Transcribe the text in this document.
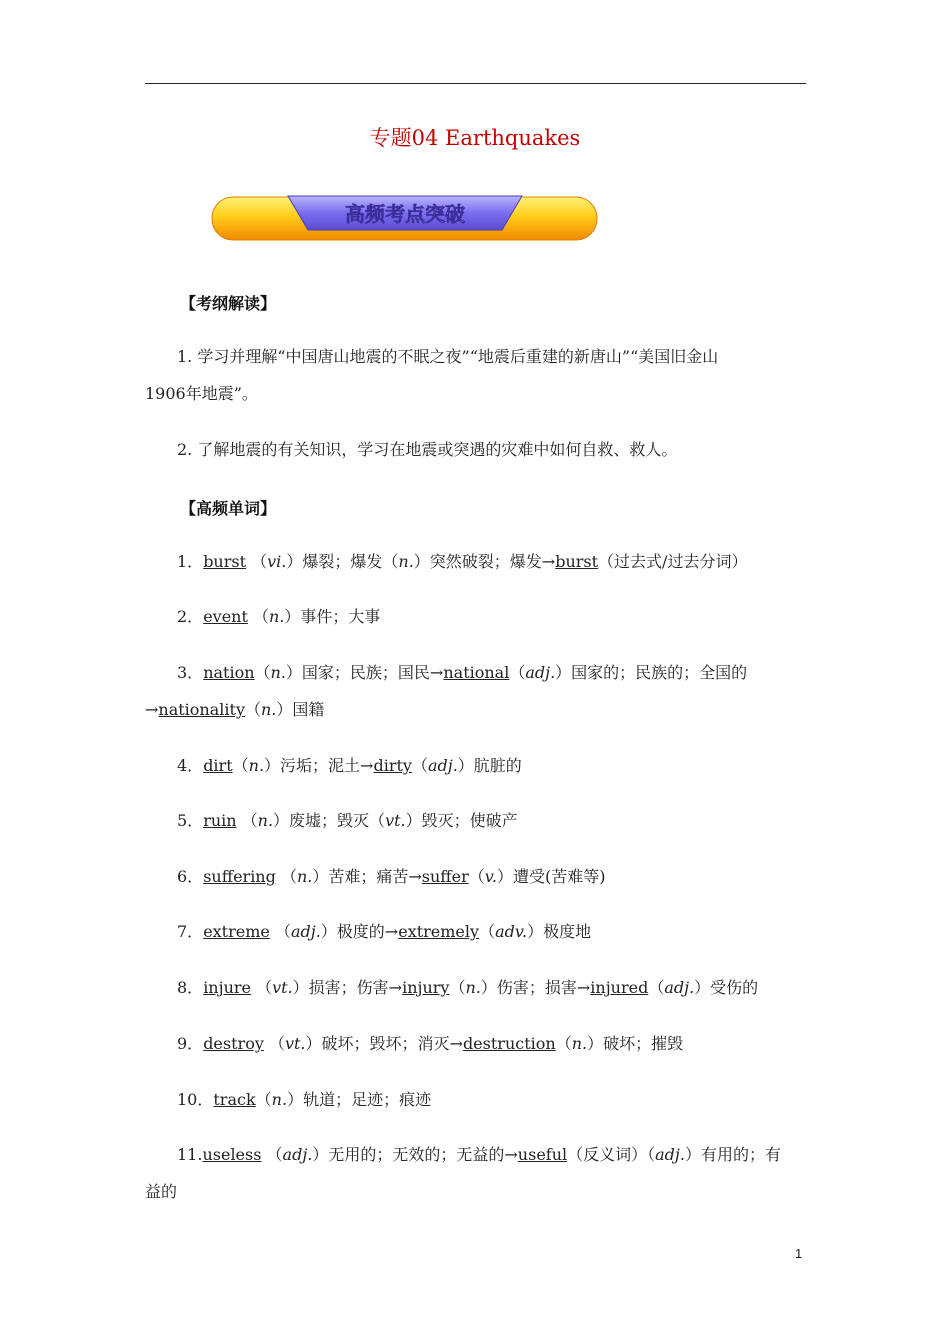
专题04 Earthquakes
高频考点突破
【考纲解读】
1. 学习并理解“中国唐山地震的不眠之夜”“地震后重建的新唐山”“美国旧金山
1906年地震”。
2. 了解地震的有关知识，学习在地震或突遇的灾难中如何自救、救人。
【高频单词】
1．burst （vi.）爆裂；爆发（n.）突然破裂；爆发→burst（过去式/过去分词）
2．event （n.）事件；大事
3．nation（n.）国家；民族；国民→national（adj.）国家的；民族的；全国的
→nationality（n.）国籍
4．dirt（n.）污垢；泥土→dirty（adj.）肮脏的
5．ruin （n.）废墟；毁灭（vt.）毁灭；使破产
6．suffering （n.）苦难；痛苦→suffer（v.）遭受(苦难等)
7．extreme （adj.）极度的→extremely（adv.）极度地
8．injure （vt.）损害；伤害→injury（n.）伤害；损害→injured（adj.）受伤的
9．destroy （vt.）破坏；毁坏；消灭→destruction（n.）破坏；摧毁
10．track（n.）轨道；足迹；痕迹
11.useless （adj.）无用的；无效的；无益的→useful（反义词）（adj.）有用的；有
益的
1
